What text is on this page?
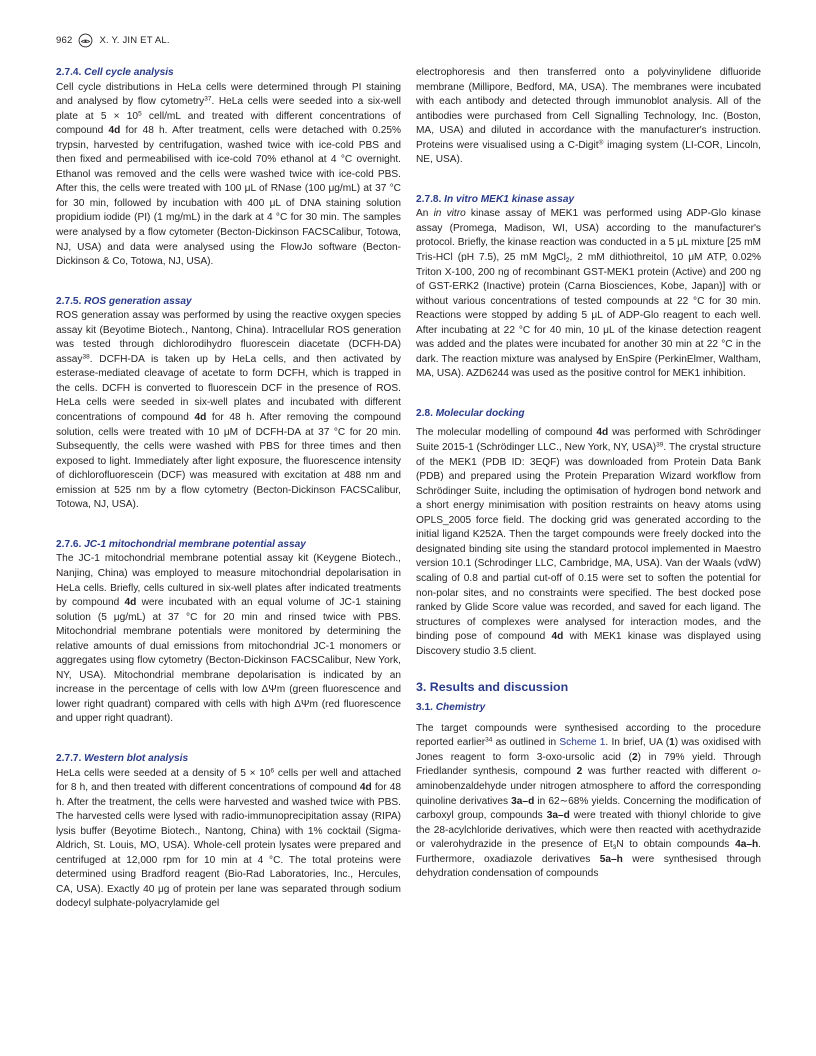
962	X. Y. JIN ET AL.
2.7.4. Cell cycle analysis

Cell cycle distributions in HeLa cells were determined through PI staining and analysed by flow cytometry$^{37}$. HeLa cells were seeded into a six-well plate at $5 \times 10^5$ cell/mL and treated with different concentrations of compound 4d for 48 h. After treatment, cells were detached with 0.25% trypsin, harvested by centrifugation, washed twice with ice-cold PBS and then fixed and permeabilised with ice-cold 70% ethanol at 4 °C overnight. Ethanol was removed and the cells were washed twice with ice-cold PBS. After this, the cells were treated with 100 μL of RNase (100 μg/mL) at 37 °C for 30 min, followed by incubation with 400 μL of DNA staining solution propidium iodide (PI) (1 mg/mL) in the dark at 4 °C for 30 min. The samples were analysed by a flow cytometer (Becton-Dickinson FACSCalibur, Totowa, NJ, USA) and data were analysed using the FlowJo software (Becton-Dickinson & Co, Totowa, NJ, USA).

2.7.5. ROS generation assay

ROS generation assay was performed by using the reactive oxygen species assay kit (Beyotime Biotech., Nantong, China). Intracellular ROS generation was tested through dichlorodihydro fluorescein diacetate (DCFH-DA) assay$^{38}$. DCFH-DA is taken up by HeLa cells, and then activated by esterase-mediated cleavage of acetate to form DCFH, which is trapped in the cells. DCFH is converted to fluorescein DCF in the presence of ROS. HeLa cells were seeded in six-well plates and incubated with different concentrations of compound 4d for 48 h. After removing the compound solution, cells were treated with 10 μM of DCFH-DA at 37 °C for 20 min. Subsequently, the cells were washed with PBS for three times and then exposed to light. Immediately after light exposure, the fluorescence intensity of dichlorofluorescein (DCF) was measured with excitation at 488 nm and emission at 525 nm by a flow cytometry (Becton-Dickinson FACSCalibur, Totowa, NJ, USA).

2.7.6. JC-1 mitochondrial membrane potential assay

The JC-1 mitochondrial membrane potential assay kit (Keygene Biotech., Nanjing, China) was employed to measure mitochondrial depolarisation in HeLa cells. Briefly, cells cultured in six-well plates after indicated treatments by compound 4d were incubated with an equal volume of JC-1 staining solution (5 μg/mL) at 37 °C for 20 min and rinsed twice with PBS. Mitochondrial membrane potentials were monitored by determining the relative amounts of dual emissions from mitochondrial JC-1 monomers or aggregates using flow cytometry (Becton-Dickinson FACSCalibur, New York, NY, USA). Mitochondrial membrane depolarisation is indicated by an increase in the percentage of cells with low ΔΨm (green fluorescence and lower right quadrant) compared with cells with high ΔΨm (red fluorescence and upper right quadrant).

2.7.7. Western blot analysis

HeLa cells were seeded at a density of $5 \times 10^6$ cells per well and attached for 8 h, and then treated with different concentrations of compound 4d for 48 h. After the treatment, the cells were harvested and washed twice with PBS. The harvested cells were lysed with radio-immunoprecipitation assay (RIPA) lysis buffer (Beyotime Biotech., Nantong, China) with 1% cocktail (Sigma-Aldrich, St. Louis, MO, USA). Whole-cell protein lysates were prepared and centrifuged at 12,000 rpm for 10 min at 4 °C. The total proteins were determined using Bradford reagent (Bio-Rad Laboratories, Inc., Hercules, CA, USA). Exactly 40 μg of protein per lane was separated through sodium dodecyl sulphate-polyacrylamide gel

electrophoresis and then transferred onto a polyvinylidene difluoride membrane (Millipore, Bedford, MA, USA). The membranes were incubated with each antibody and detected through immunoblot analysis. All of the antibodies were purchased from Cell Signalling Technology, Inc. (Boston, MA, USA) and diluted in accordance with the manufacturer's instruction. Proteins were visualised using a C-Digit® imaging system (LI-COR, Lincoln, NE, USA).

2.7.8. In vitro MEK1 kinase assay

An in vitro kinase assay of MEK1 was performed using ADP-Glo kinase assay (Promega, Madison, WI, USA) according to the manufacturer's protocol. Briefly, the kinase reaction was conducted in a 5 μL mixture [25 mM Tris-HCl (pH 7.5), 25 mM MgCl$_2$, 2 mM dithiothreitol, 10 μM ATP, 0.02% Triton X-100, 200 ng of recombinant GST-MEK1 protein (Active) and 200 ng of GST-ERK2 (Inactive) protein (Carna Biosciences, Kobe, Japan)] with or without various concentrations of tested compounds at 22 °C for 30 min. Reactions were stopped by adding 5 μL of ADP-Glo reagent to each well. After incubating at 22 °C for 40 min, 10 μL of the kinase detection reagent was added and the plates were incubated for another 30 min at 22 °C in the dark. The reaction mixture was analysed by EnSpire (PerkinElmer, Waltham, MA, USA). AZD6244 was used as the positive control for MEK1 inhibition.

2.8. Molecular docking

The molecular modelling of compound 4d was performed with Schrödinger Suite 2015-1 (Schrödinger LLC., New York, NY, USA)$^{39}$. The crystal structure of the MEK1 (PDB ID: 3EQF) was downloaded from Protein Data Bank (PDB) and prepared using the Protein Preparation Wizard workflow from Schrödinger Suite, including the optimisation of hydrogen bond network and a short energy minimisation with position restraints on heavy atoms using OPLS_2005 force field. The docking grid was generated according to the initial ligand K252A. Then the target compounds were freely docked into the designated binding site using the standard protocol implemented in Maestro version 10.1 (Schrodinger LLC, Cambridge, MA, USA). Van der Waals (vdW) scaling of 0.8 and partial cut-off of 0.15 were set to soften the potential for non-polar sites, and no constraints were specified. The best docked pose ranked by Glide Score value was recorded, and saved for each ligand. The structures of complexes were analysed for interaction modes, and the binding pose of compound 4d with MEK1 kinase was displayed using Discovery studio 3.5 client.

3. Results and discussion
3.1. Chemistry

The target compounds were synthesised according to the procedure reported earlier$^{34}$ as outlined in Scheme 1. In brief, UA (1) was oxidised with Jones reagent to form 3-oxo-ursolic acid (2) in 79% yield. Through Friedlander synthesis, compound 2 was further reacted with different o-aminobenzaldehyde under nitrogen atmosphere to afford the corresponding quinoline derivatives 3a–d in 62∼68% yields. Concerning the modification of carboxyl group, compounds 3a–d were treated with thionyl chloride to give the 28-acylchloride derivatives, which were then reacted with acethydrazide or valerohydrazide in the presence of $Et_3N$ to obtain compounds 4a–h. Furthermore, oxadiazole derivatives 5a–h were synthesised through dehydration condensation of compounds
